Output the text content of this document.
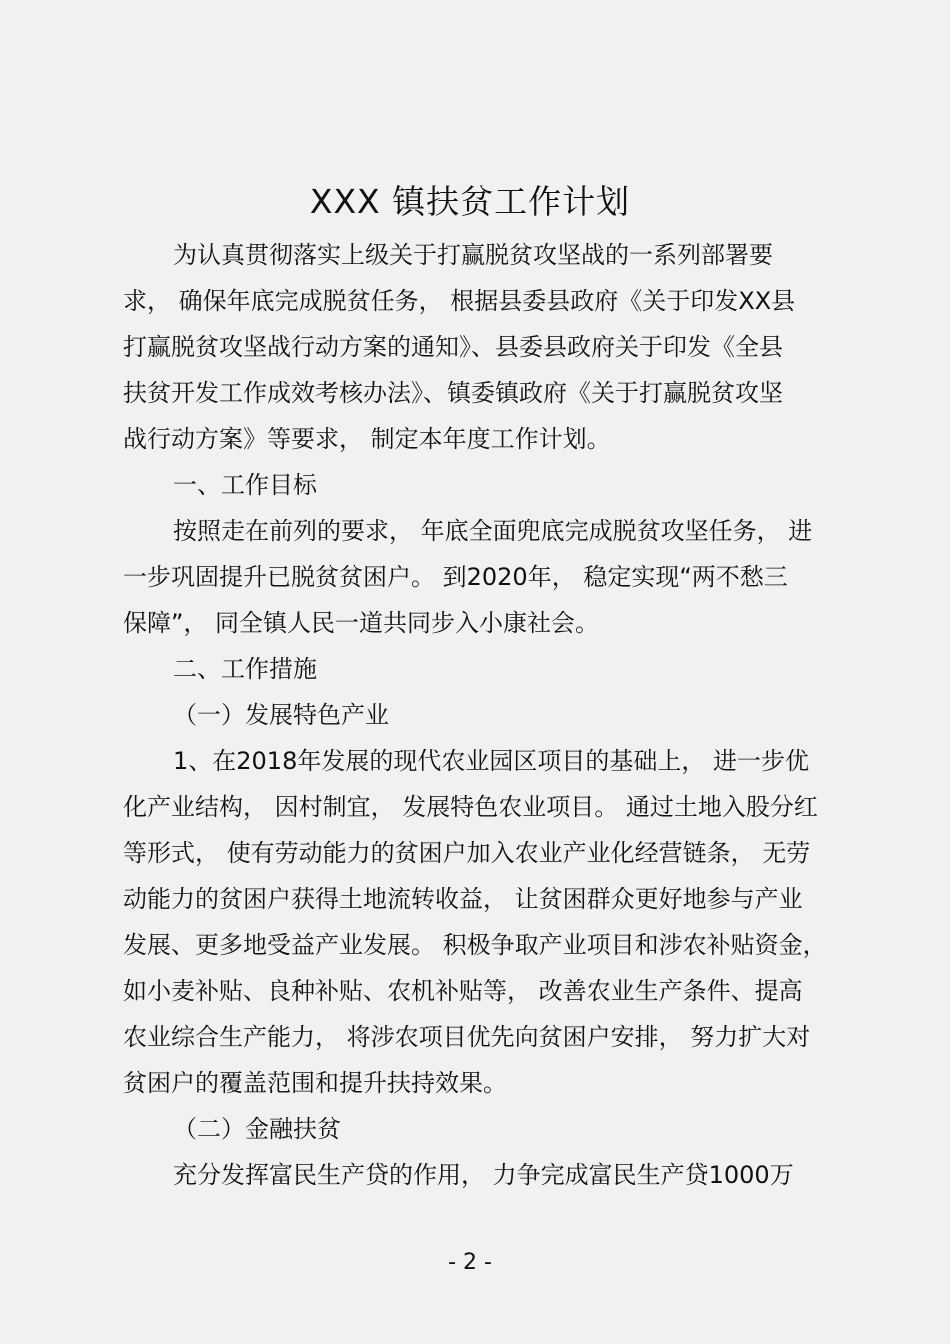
XXX 镇扶贫工作计划
为认真贯彻落实上级关于打赢脱贫攻坚战的一系列部署要
求， 确保年底完成脱贫任务， 根据县委县政府《关于印发XX县
打赢脱贫攻坚战行动方案的通知》、县委县政府关于印发《全县
扶贫开发工作成效考核办法》、镇委镇政府《关于打赢脱贫攻坚
战行动方案》等要求， 制定本年度工作计划。
一、工作目标
按照走在前列的要求， 年底全面兜底完成脱贫攻坚任务， 进
一步巩固提升已脱贫贫困户。 到2020年， 稳定实现“两不愁三
保障”， 同全镇人民一道共同步入小康社会。
二、工作措施
（一）发展特色产业
1、在2018年发展的现代农业园区项目的基础上， 进一步优
化产业结构， 因村制宜， 发展特色农业项目。 通过土地入股分红
等形式， 使有劳动能力的贫困户加入农业产业化经营链条， 无劳
动能力的贫困户获得土地流转收益， 让贫困群众更好地参与产业
发展、更多地受益产业发展。 积极争取产业项目和涉农补贴资金，
如小麦补贴、良种补贴、农机补贴等， 改善农业生产条件、提高
农业综合生产能力， 将涉农项目优先向贫困户安排， 努力扩大对
贫困户的覆盖范围和提升扶持效果。
（二）金融扶贫
充分发挥富民生产贷的作用， 力争完成富民生产贷1000万
- 2 -
